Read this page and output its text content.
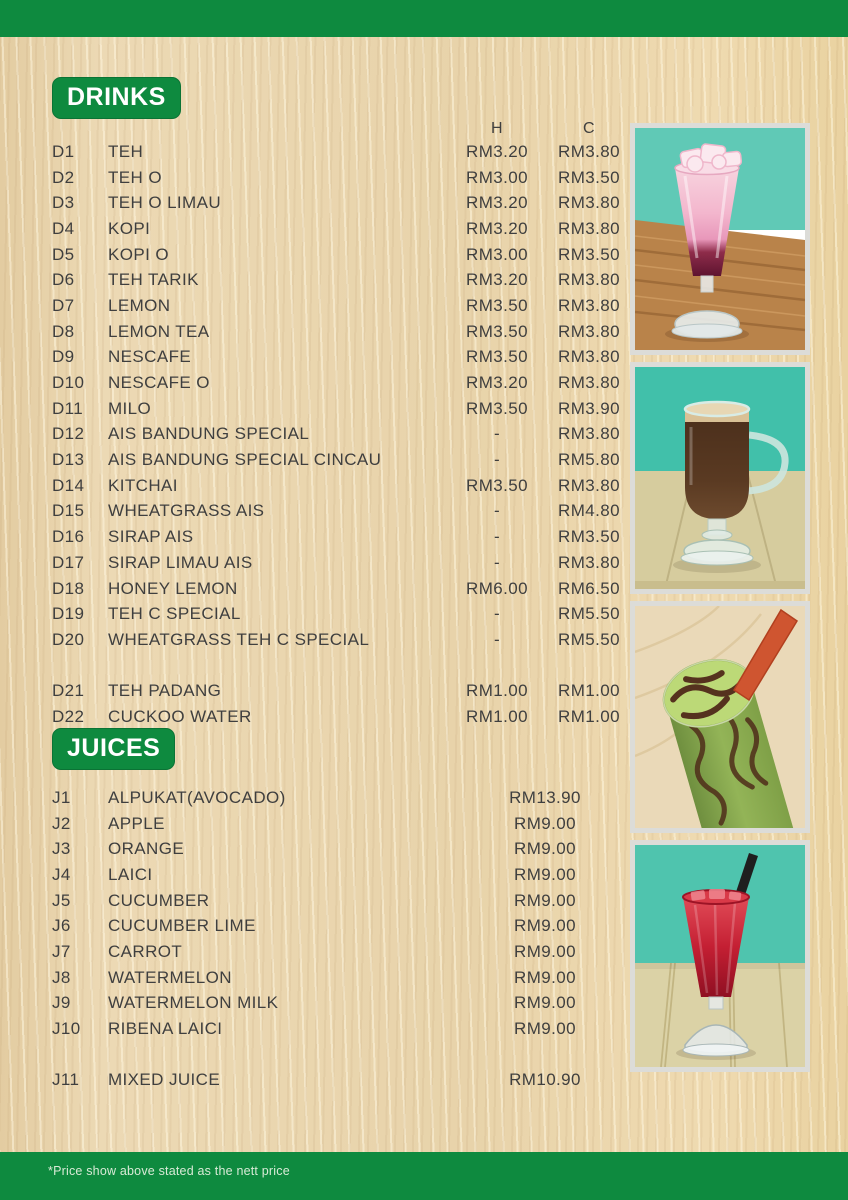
DRINKS
H	C
D1 TEH	RM3.20	RM3.80
D2 TEH O	RM3.00	RM3.50
D3 TEH O LIMAU	RM3.20	RM3.80
D4 KOPI	RM3.20	RM3.80
D5 KOPI O	RM3.00	RM3.50
D6 TEH TARIK	RM3.20	RM3.80
D7 LEMON	RM3.50	RM3.80
D8 LEMON TEA	RM3.50	RM3.80
D9 NESCAFE	RM3.50	RM3.80
D10 NESCAFE O	RM3.20	RM3.80
D11 MILO	RM3.50	RM3.90
D12 AIS BANDUNG SPECIAL	-	RM3.80
D13 AIS BANDUNG SPECIAL CINCAU	-	RM5.80
D14 KITCHAI	RM3.50	RM3.80
D15 WHEATGRASS AIS	-	RM4.80
D16 SIRAP AIS	-	RM3.50
D17 SIRAP LIMAU AIS	-	RM3.80
D18 HONEY LEMON	RM6.00	RM6.50
D19 TEH C SPECIAL	-	RM5.50
D20 WHEATGRASS TEH C SPECIAL	-	RM5.50
D21 TEH PADANG	RM1.00	RM1.00
D22 CUCKOO WATER	RM1.00	RM1.00
JUICES
J1 ALPUKAT(AVOCADO)	RM13.90
J2 APPLE	RM9.00
J3 ORANGE	RM9.00
J4 LAICI	RM9.00
J5 CUCUMBER	RM9.00
J6 CUCUMBER LIME	RM9.00
J7 CARROT	RM9.00
J8 WATERMELON	RM9.00
J9 WATERMELON MILK	RM9.00
J10 RIBENA LAICI	RM9.00
J11 MIXED JUICE	RM10.90
*Price show above stated as the nett price
